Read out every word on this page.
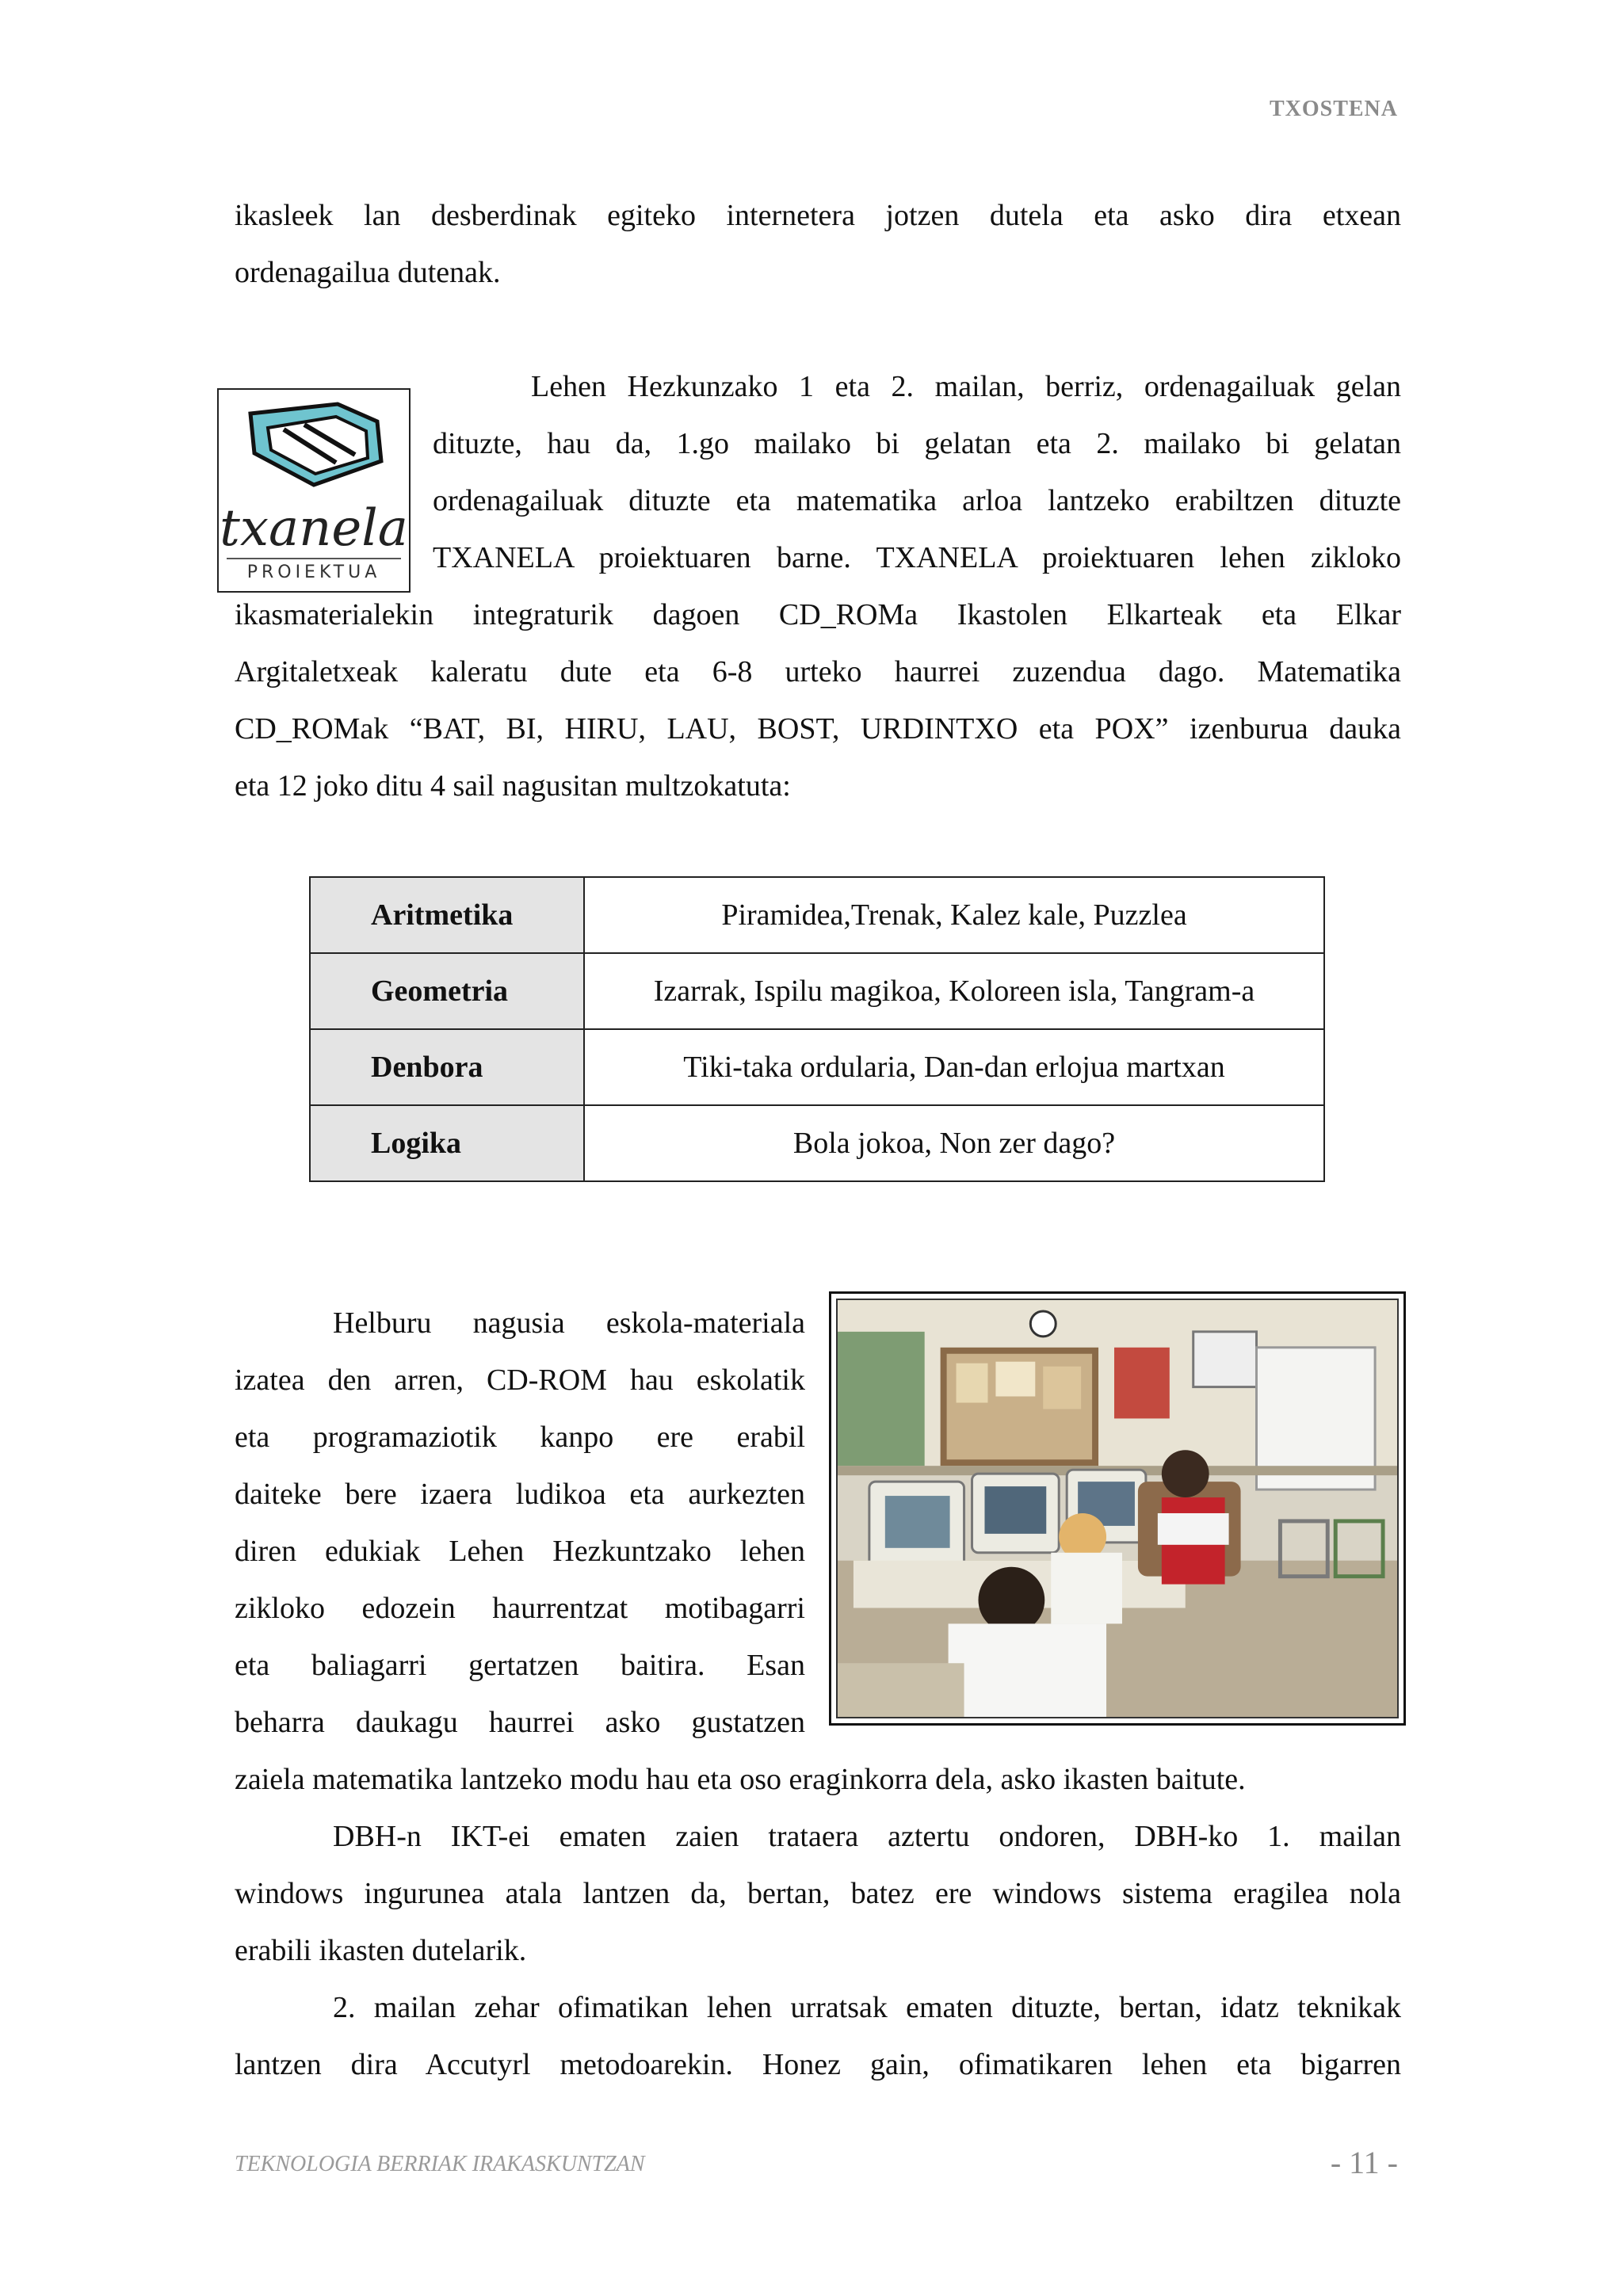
TXOSTENA

ikasleek lan desberdinak egiteko internetera jotzen dutela eta asko dira etxean

ordenagailua dutenak.

txanela
PROIEKTUA

Lehen Hezkunzako 1 eta 2. mailan, berriz, ordenagailuak gelan

dituzte, hau da, 1.go mailako bi gelatan eta 2. mailako bi gelatan

ordenagailuak dituzte eta matematika arloa lantzeko erabiltzen dituzte

TXANELA proiektuaren barne. TXANELA proiektuaren lehen zikloko

ikasmaterialekin integraturik dagoen CD_ROMa Ikastolen Elkarteak eta Elkar

Argitaletxeak kaleratu dute eta 6-8 urteko haurrei zuzendua dago. Matematika

CD_ROMak “BAT, BI, HIRU, LAU, BOST, URDINTXO eta POX” izenburua dauka

eta 12 joko ditu 4 sail nagusitan multzokatuta:

Aritmetika	Piramidea,Trenak, Kalez kale, Puzzlea
Geometria	Izarrak, Ispilu magikoa, Koloreen isla, Tangram-a
Denbora	Tiki-taka ordularia, Dan-dan erlojua martxan
Logika	Bola jokoa, Non zer dago?

Helburu nagusia eskola-materiala

izatea den arren, CD-ROM hau eskolatik

eta programaziotik kanpo ere erabil

daiteke bere izaera ludikoa eta aurkezten

diren edukiak Lehen Hezkuntzako lehen

zikloko edozein haurrentzat motibagarri

eta baliagarri gertatzen baitira. Esan

beharra daukagu haurrei asko gustatzen

zaiela matematika lantzeko modu hau eta oso eraginkorra dela, asko ikasten baitute.

DBH-n IKT-ei ematen zaien trataera aztertu ondoren, DBH-ko 1. mailan

windows ingurunea atala lantzen da, bertan, batez ere windows sistema eragilea nola

erabili ikasten dutelarik.

2. mailan zehar ofimatikan lehen urratsak ematen dituzte, bertan, idatz teknikak

lantzen dira Accutyrl metodoarekin. Honez gain, ofimatikaren lehen eta bigarren

TEKNOLOGIA BERRIAK IRAKASKUNTZAN	- 11 -
